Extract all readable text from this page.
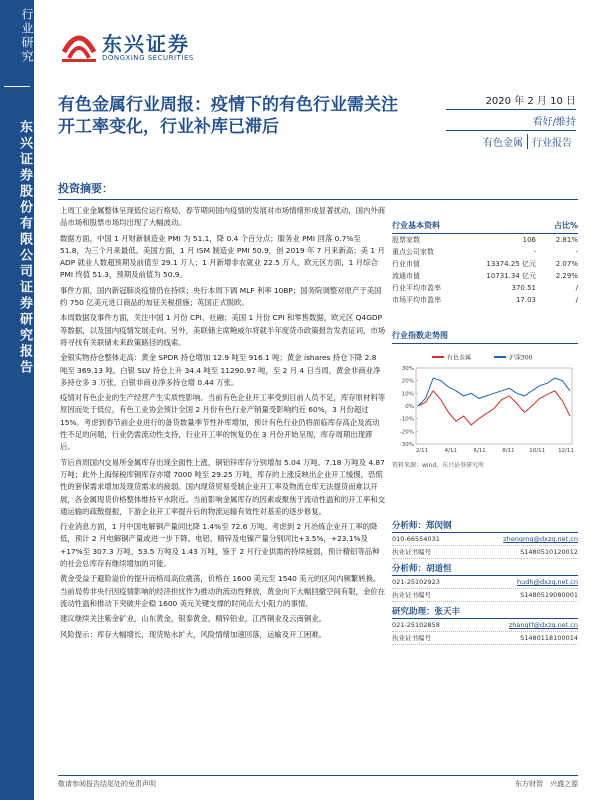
行业研究
东兴证券股份有限公司证券研究报告
东兴证券
DONGXING SECURITIES
有色金属行业周报：疫情下的有色行业需关注开工率变化，行业补库已滞后
2020 年 2 月 10 日
看好/维持
有色金属 行业报告
投资摘要：

上周工业金属整体呈现低位运行格局，春节期间国内疫情的发展对市场情绪形成显著扰动，国内外商品市场和股票市场均出现了大幅波动。

数据方面，中国 1 月财新制造业 PMI 为 51.1，降 0.4 个百分点；服务业 PMI 回落 0.7%至 51.8，为三个月来最低。美国方面，1 月 ISM 制造业 PMI 50.9，创 2019 年 7 月来新高；美 1 月 ADP 就业人数超预期及前值至 29.1 万人；1 月新增非农就业 22.5 万人。欧元区方面，1 月综合 PMI 终值 51.3，预期及前值为 50.9。

事件方面，国内新冠肺炎疫情仍在持续；央行本周下调 MLF 利率 10BP；国务院调整对原产于美国约 750 亿美元进口商品的加征关税措施；英国正式脱欧。

本周数据及事件方面，关注中国 1 月份 CPI、社融；美国 1 月份 CPI 和零售数据，欧元区 Q4GDP 等数据，以及国内疫情发展走向。另外，美联储主席鲍威尔将就半年度货币政策报告发表证词，市场将寻找有关联储未来政策路径的线索。

金银实物持仓整体走高：黄金 SPDR 持仓增加 12.9 吨至 916.1 吨；黄金 ishares 持仓下降 2.8 吨至 369.13 吨。白银 SLV 持仓上升 34.4 吨至 11290.97 吨，至 2 月 4 日当周，黄金非商业净多持仓多 3 万张，白银非商业净多持仓增 0.44 万张。

疫情对有色企业的生产经营产生实质性影响。当前有色企业开工率受到目前人员不足，库存原材料等原因而处于低位，有色工业协会预计全国 2 月份有色行业产销量受影响约近 60%，3 月份超过 15%。考虑到春节前企业进行的备货数量季节性补库增加，预计有色行业仍将面临库存高企及流动性不足的问题，行业仍需流动性支持，行业开工率的恢复仍在 3 月份开始呈现，库存周期出现滞后。

节后首周国内交易所金属库存出现全面性上涨，铜铝锌库存分别增加 5.04 万吨、7.18 万吨及 4.87 万吨；此外上海保税库铜库存亦增 7000 吨至 29.25 万吨，库存的上涨反映出企业开工缓慢，恐慌性的套保需求增加及现货需求的疲弱。国内现货贸易受制企业开工率及物流仓库无法提货而难以开展，各金属现货价格整体维持平水附近。当前影响金属库存的因素或聚焦于流动性温和的开工率和交通运输的疏散提振，下游企业开工率提升后的物流运输有效性对基差的逐步修复。

行业消息方面，1 月中国电解铜产量同比降 1.4%至 72.6 万吨。考虑到 2 月冶炼企业开工率的降低，预计 2 月电解铜产量或进一步下降。电铝、精锌及电镍产量分别同比+3.5%，+23.1%及+17%至 307.3 万吨、53.5 万吨及 1.43 万吨，鉴于 2 月行业供需的持续疲弱，预计精铝等品种的社会总库存有继续增加的可能。

黄金受益于避险溢价的提升而格局高位震荡，价格在 1600 美元至 1540 美元的区间内频繁转换。当前局势非央行因疫情影响的经济担忧作为推动的流动性释放，黄金向下大幅回撤空间有限，金价在流动性温和推动下突破并企稳 1600 美元关键支撑的时间点大小阻力的事情。

建议继续关注紫金矿业，山东黄金，银泰黄金，精锌铅业，江西铜业及云南铜业。

风险提示：库存大幅增长，现货贴水扩大，风险情绪加速回落，运输及开工困难。

行业基本资料	占比%
股票家数	106	2.81%
重点公司家数	-	-
行业市值	13374.25 亿元	2.07%
流通市值	10731.34 亿元	2.29%
行业平均市盈率	370.51	/
市场平均市盈率	17.03	/
行业指数走势图
30%
20%
10%
0%
-10%
-20%
-30%
2/11	4/11	6/11	8/11	10/11 12/11
有色金属	沪深300
资料来源：wind、东兴证券研究所
分析师：郑闵钢
010-66554031	zhengmg@dxzq.net.cn
执业证书编号	S1480510120012
分析师：胡道恒
021-25102923	hudh@dxzq.net.cn
执业证书编号	S1480519080001
研究助理：张天丰
021-25102858	zhangtf@dxzq.net.cn
执业证书编号	S1480118100014
敬请参阅报告结尾处的免责声明	东方财智　兴盛之源
